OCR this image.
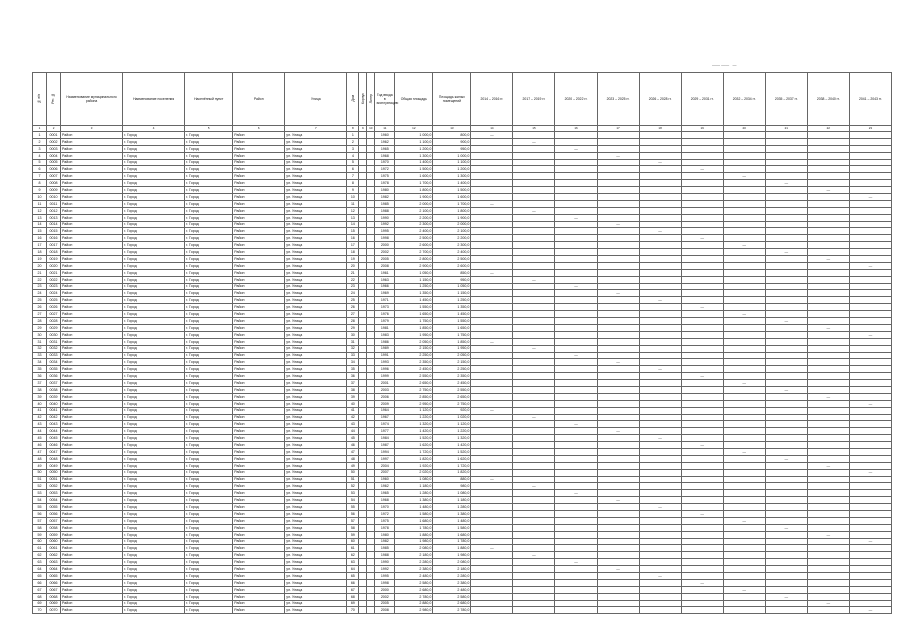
—— —— —
№ п/п	Рег. №	Наименование муниципального района	Наименование поселения	Населённый пункт	Район	Улица	Дом	Корпус	Литер	Год ввода в эксплуатацию	Общая площадь	Площадь жилых помещений	2014 – 2016 гг.	2017 – 2019 гг.	2020 – 2022 гг.	2023 – 2025 гг.	2026 – 2028 гг.	2029 – 2031 гг.	2032 – 2034 гг.	2035 – 2037 гг.	2038 – 2040 гг.	2041 – 2043 гг.
1	2	3	4	5	6	7	8	9	10	11	12	13	14	15	16	17	18	19	20	21	22	23
1	0001	Район	г. Город	г. Город	Район	ул. Улица	1			1960	1 000,0	800,0	—									
2	0002	Район	г. Город	г. Город	Район	ул. Улица	2			1962	1 100,0	900,0		—								
3	0003	Район	г. Город	г. Город	Район	ул. Улица	3			1965	1 200,0	950,0			—							
4	0004	Район	г. Город	г. Город	Район	ул. Улица	4			1968	1 300,0	1 000,0				—						
5	0005	Район	г. Город	г. Город	Район	ул. Улица	5			1970	1 400,0	1 100,0					—					
6	0006	Район	г. Город	г. Город	Район	ул. Улица	6			1972	1 500,0	1 200,0						—				
7	0007	Район	г. Город	г. Город	Район	ул. Улица	7			1975	1 600,0	1 300,0							—			
8	0008	Район	г. Город	г. Город	Район	ул. Улица	8			1978	1 700,0	1 400,0								—		
9	0009	Район	г. Город	г. Город	Район	ул. Улица	9			1980	1 800,0	1 500,0									—	
10	0010	Район	г. Город	г. Город	Район	ул. Улица	10			1982	1 900,0	1 600,0										—
11	0011	Район	г. Город	г. Город	Район	ул. Улица	11			1985	2 000,0	1 700,0	—									
12	0012	Район	г. Город	г. Город	Район	ул. Улица	12			1988	2 100,0	1 800,0		—								
13	0013	Район	г. Город	г. Город	Район	ул. Улица	13			1990	2 200,0	1 900,0			—							
14	0014	Район	г. Город	г. Город	Район	ул. Улица	14			1992	2 300,0	2 000,0				—						
15	0015	Район	г. Город	г. Город	Район	ул. Улица	15			1995	2 400,0	2 100,0					—					
16	0016	Район	г. Город	г. Город	Район	ул. Улица	16			1998	2 500,0	2 200,0						—				
17	0017	Район	г. Город	г. Город	Район	ул. Улица	17			2000	2 600,0	2 300,0							—			
18	0018	Район	г. Город	г. Город	Район	ул. Улица	18			2002	2 700,0	2 400,0								—		
19	0019	Район	г. Город	г. Город	Район	ул. Улица	19			2005	2 800,0	2 500,0									—	
20	0020	Район	г. Город	г. Город	Район	ул. Улица	20			2008	2 900,0	2 600,0										—
21	0021	Район	г. Город	г. Город	Район	ул. Улица	21			1961	1 050,0	850,0	—									
22	0022	Район	г. Город	г. Город	Район	ул. Улица	22			1963	1 150,0	950,0		—								
23	0023	Район	г. Город	г. Город	Район	ул. Улица	23			1966	1 250,0	1 050,0			—							
24	0024	Район	г. Город	г. Город	Район	ул. Улица	24			1969	1 350,0	1 150,0				—						
25	0025	Район	г. Город	г. Город	Район	ул. Улица	25			1971	1 450,0	1 250,0					—					
26	0026	Район	г. Город	г. Город	Район	ул. Улица	26			1973	1 550,0	1 350,0						—				
27	0027	Район	г. Город	г. Город	Район	ул. Улица	27			1976	1 650,0	1 450,0							—			
28	0028	Район	г. Город	г. Город	Район	ул. Улица	28			1979	1 750,0	1 550,0								—		
29	0029	Район	г. Город	г. Город	Район	ул. Улица	29			1981	1 850,0	1 650,0									—	
30	0030	Район	г. Город	г. Город	Район	ул. Улица	30			1983	1 950,0	1 750,0										—
31	0031	Район	г. Город	г. Город	Район	ул. Улица	31			1986	2 050,0	1 850,0	—									
32	0032	Район	г. Город	г. Город	Район	ул. Улица	32			1989	2 150,0	1 950,0		—								
33	0033	Район	г. Город	г. Город	Район	ул. Улица	33			1991	2 250,0	2 050,0			—							
34	0034	Район	г. Город	г. Город	Район	ул. Улица	34			1993	2 350,0	2 150,0				—						
35	0035	Район	г. Город	г. Город	Район	ул. Улица	35			1996	2 450,0	2 250,0					—					
36	0036	Район	г. Город	г. Город	Район	ул. Улица	36			1999	2 550,0	2 350,0						—				
37	0037	Район	г. Город	г. Город	Район	ул. Улица	37			2001	2 650,0	2 450,0							—			
38	0038	Район	г. Город	г. Город	Район	ул. Улица	38			2003	2 750,0	2 550,0								—		
39	0039	Район	г. Город	г. Город	Район	ул. Улица	39			2006	2 850,0	2 650,0									—	
40	0040	Район	г. Город	г. Город	Район	ул. Улица	40			2009	2 950,0	2 750,0										—
41	0041	Район	г. Город	г. Город	Район	ул. Улица	41			1964	1 120,0	920,0	—									
42	0042	Район	г. Город	г. Город	Район	ул. Улица	42			1967	1 220,0	1 020,0		—								
43	0043	Район	г. Город	г. Город	Район	ул. Улица	43			1974	1 320,0	1 120,0			—							
44	0044	Район	г. Город	г. Город	Район	ул. Улица	44			1977	1 420,0	1 220,0				—						
45	0045	Район	г. Город	г. Город	Район	ул. Улица	45			1984	1 520,0	1 320,0					—					
46	0046	Район	г. Город	г. Город	Район	ул. Улица	46			1987	1 620,0	1 420,0						—				
47	0047	Район	г. Город	г. Город	Район	ул. Улица	47			1994	1 720,0	1 520,0							—			
48	0048	Район	г. Город	г. Город	Район	ул. Улица	48			1997	1 820,0	1 620,0								—		
49	0049	Район	г. Город	г. Город	Район	ул. Улица	49			2004	1 920,0	1 720,0									—	
50	0050	Район	г. Город	г. Город	Район	ул. Улица	50			2007	2 020,0	1 820,0										—
51	0051	Район	г. Город	г. Город	Район	ул. Улица	51			1960	1 080,0	880,0	—									
52	0052	Район	г. Город	г. Город	Район	ул. Улица	52			1962	1 180,0	980,0		—								
53	0053	Район	г. Город	г. Город	Район	ул. Улица	53			1965	1 280,0	1 080,0			—							
54	0054	Район	г. Город	г. Город	Район	ул. Улица	54			1968	1 380,0	1 180,0				—						
55	0055	Район	г. Город	г. Город	Район	ул. Улица	55			1970	1 480,0	1 280,0					—					
56	0056	Район	г. Город	г. Город	Район	ул. Улица	56			1972	1 580,0	1 380,0						—				
57	0057	Район	г. Город	г. Город	Район	ул. Улица	57			1975	1 680,0	1 480,0							—			
58	0058	Район	г. Город	г. Город	Район	ул. Улица	58			1978	1 780,0	1 580,0								—		
59	0059	Район	г. Город	г. Город	Район	ул. Улица	59			1980	1 880,0	1 680,0									—	
60	0060	Район	г. Город	г. Город	Район	ул. Улица	60			1982	1 980,0	1 780,0										—
61	0061	Район	г. Город	г. Город	Район	ул. Улица	61			1985	2 080,0	1 880,0	—									
62	0062	Район	г. Город	г. Город	Район	ул. Улица	62			1988	2 180,0	1 980,0		—								
63	0063	Район	г. Город	г. Город	Район	ул. Улица	63			1990	2 280,0	2 080,0			—							
64	0064	Район	г. Город	г. Город	Район	ул. Улица	64			1992	2 380,0	2 180,0				—						
65	0065	Район	г. Город	г. Город	Район	ул. Улица	65			1995	2 480,0	2 280,0					—					
66	0066	Район	г. Город	г. Город	Район	ул. Улица	66			1998	2 580,0	2 380,0						—				
67	0067	Район	г. Город	г. Город	Район	ул. Улица	67			2000	2 680,0	2 480,0							—			
68	0068	Район	г. Город	г. Город	Район	ул. Улица	68			2002	2 780,0	2 580,0								—		
69	0069	Район	г. Город	г. Город	Район	ул. Улица	69			2005	2 880,0	2 680,0									—	
70	0070	Район	г. Город	г. Город	Район	ул. Улица	70			2008	2 980,0	2 780,0										—
